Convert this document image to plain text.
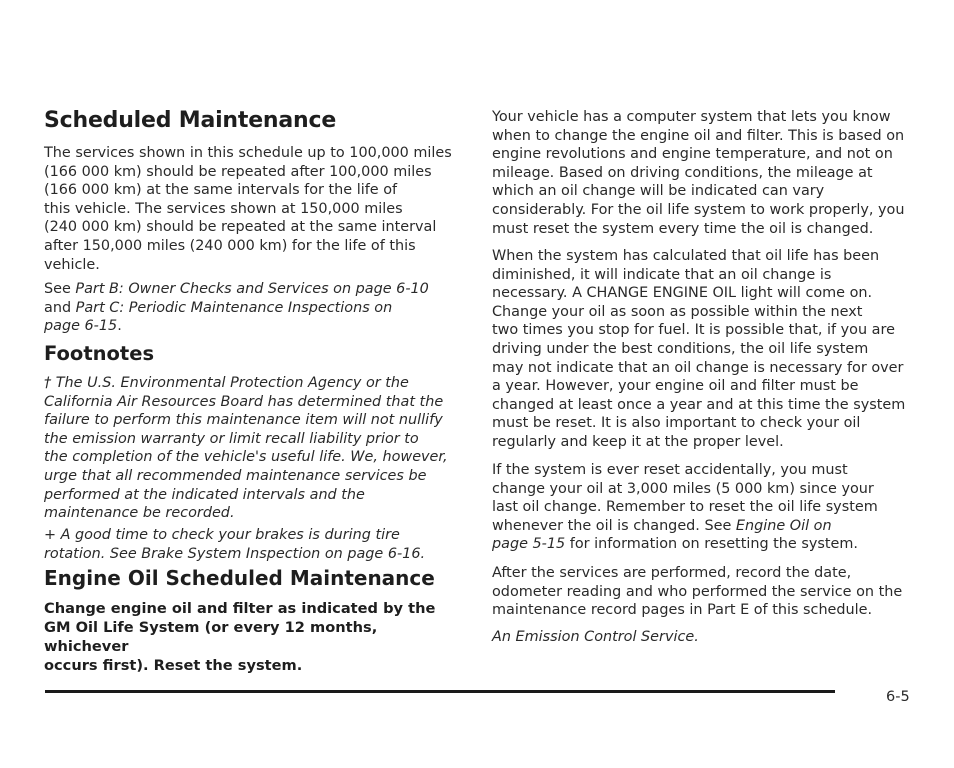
Scheduled Maintenance

The services shown in this schedule up to 100,000 miles

(166 000 km) should be repeated after 100,000 miles

(166 000 km) at the same intervals for the life of

this vehicle. The services shown at 150,000 miles

(240 000 km) should be repeated at the same interval

after 150,000 miles (240 000 km) for the life of this

vehicle.

See Part B: Owner Checks and Services on page 6-10

and Part C: Periodic Maintenance Inspections on

page 6-15.

Footnotes

† The U.S. Environmental Protection Agency or the

California Air Resources Board has determined that the

failure to perform this maintenance item will not nullify

the emission warranty or limit recall liability prior to

the completion of the vehicle's useful life. We, however,

urge that all recommended maintenance services be

performed at the indicated intervals and the

maintenance be recorded.

+ A good time to check your brakes is during tire

rotation. See Brake System Inspection on page 6-16.

Engine Oil Scheduled Maintenance

Change engine oil and filter as indicated by the

GM Oil Life System (or every 12 months, whichever

occurs first). Reset the system.

Your vehicle has a computer system that lets you know

when to change the engine oil and filter. This is based on

engine revolutions and engine temperature, and not on

mileage. Based on driving conditions, the mileage at

which an oil change will be indicated can vary

considerably. For the oil life system to work properly, you

must reset the system every time the oil is changed.

When the system has calculated that oil life has been

diminished, it will indicate that an oil change is

necessary. A CHANGE ENGINE OIL light will come on.

Change your oil as soon as possible within the next

two times you stop for fuel. It is possible that, if you are

driving under the best conditions, the oil life system

may not indicate that an oil change is necessary for over

a year. However, your engine oil and filter must be

changed at least once a year and at this time the system

must be reset. It is also important to check your oil

regularly and keep it at the proper level.

If the system is ever reset accidentally, you must

change your oil at 3,000 miles (5 000 km) since your

last oil change. Remember to reset the oil life system

whenever the oil is changed. See Engine Oil on

page 5-15 for information on resetting the system.

After the services are performed, record the date,

odometer reading and who performed the service on the

maintenance record pages in Part E of this schedule.

An Emission Control Service.

6-5
